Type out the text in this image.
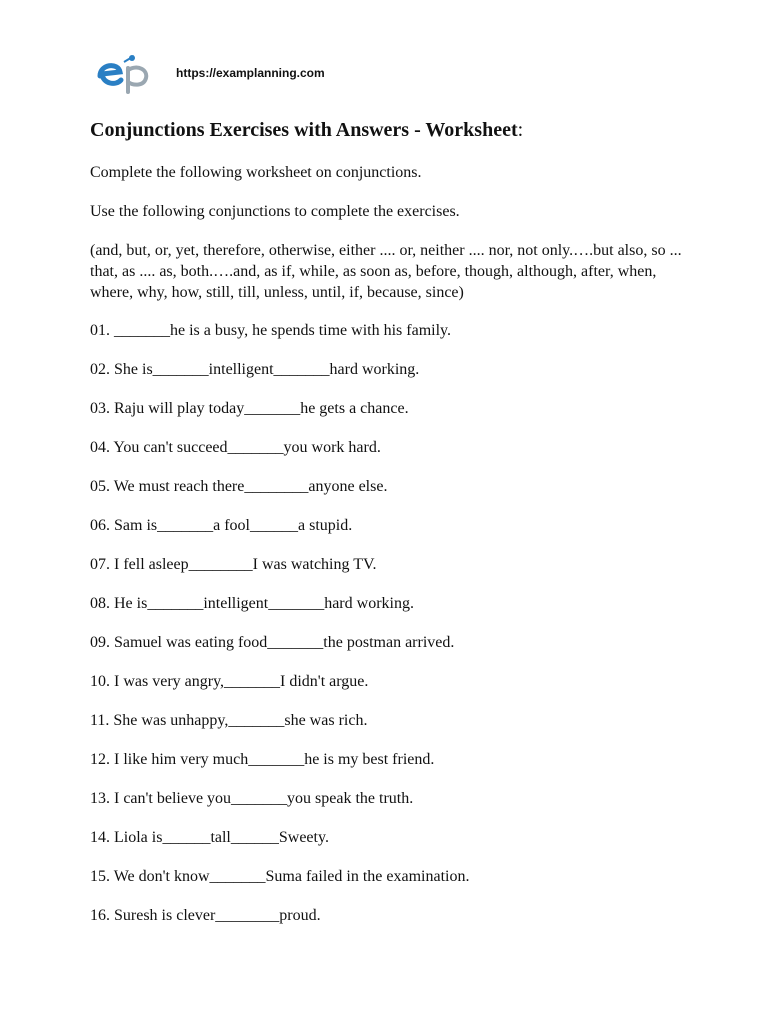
https://examplanning.com
Conjunctions Exercises with Answers - Worksheet:

Complete the following worksheet on conjunctions.

Use the following conjunctions to complete the exercises.

(and, but, or, yet, therefore, otherwise, either .... or, neither .... nor, not only.….but also, so ... that, as .... as, both.….and, as if, while, as soon as, before, though, although, after, when, where, why, how, still, till, unless, until, if, because, since)

01. _______he is a busy, he spends time with his family.
02. She is_______intelligent_______hard working.
03. Raju will play today_______he gets a chance.
04. You can't succeed_______you work hard.
05. We must reach there________anyone else.
06. Sam is_______a fool______a stupid.
07. I fell asleep________I was watching TV.
08. He is_______intelligent_______hard working.
09. Samuel was eating food_______the postman arrived.
10. I was very angry,_______I didn't argue.
11. She was unhappy,_______she was rich.
12. I like him very much_______he is my best friend.
13. I can't believe you_______you speak the truth.
14. Liola is______tall______Sweety.
15. We don't know_______Suma failed in the examination.
16. Suresh is clever________proud.
